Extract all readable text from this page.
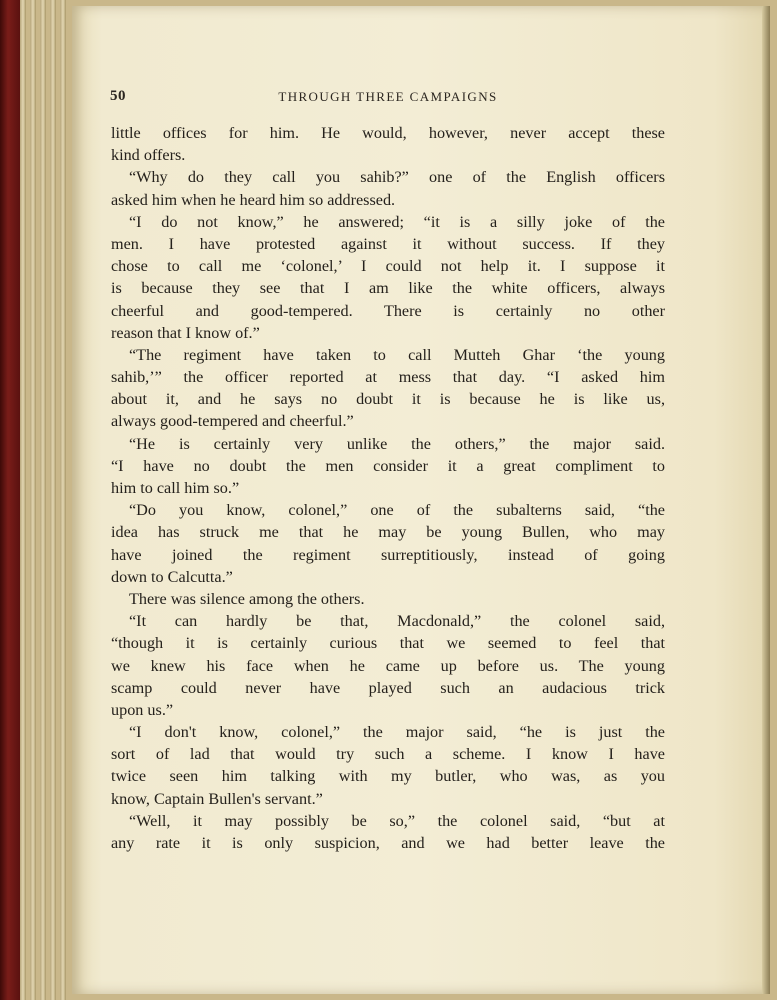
50	THROUGH THREE CAMPAIGNS
little offices for him. He would, however, never accept these
kind offers.
“Why do they call you sahib?” one of the English officers
asked him when he heard him so addressed.
“I do not know,” he answered; “it is a silly joke of the
men. I have protested against it without success. If they
chose to call me ‘colonel,’ I could not help it. I suppose it
is because they see that I am like the white officers, always
cheerful and good-tempered. There is certainly no other
reason that I know of.”
“The regiment have taken to call Mutteh Ghar ‘the young
sahib,’” the officer reported at mess that day. “I asked him
about it, and he says no doubt it is because he is like us,
always good-tempered and cheerful.”
“He is certainly very unlike the others,” the major said.
“I have no doubt the men consider it a great compliment to
him to call him so.”
“Do you know, colonel,” one of the subalterns said, “the
idea has struck me that he may be young Bullen, who may
have joined the regiment surreptitiously, instead of going
down to Calcutta.”
There was silence among the others.
“It can hardly be that, Macdonald,” the colonel said,
“though it is certainly curious that we seemed to feel that
we knew his face when he came up before us. The young
scamp could never have played such an audacious trick
upon us.”
“I don't know, colonel,” the major said, “he is just the
sort of lad that would try such a scheme. I know I have
twice seen him talking with my butler, who was, as you
know, Captain Bullen's servant.”
“Well, it may possibly be so,” the colonel said, “but at
any rate it is only suspicion, and we had better leave the
